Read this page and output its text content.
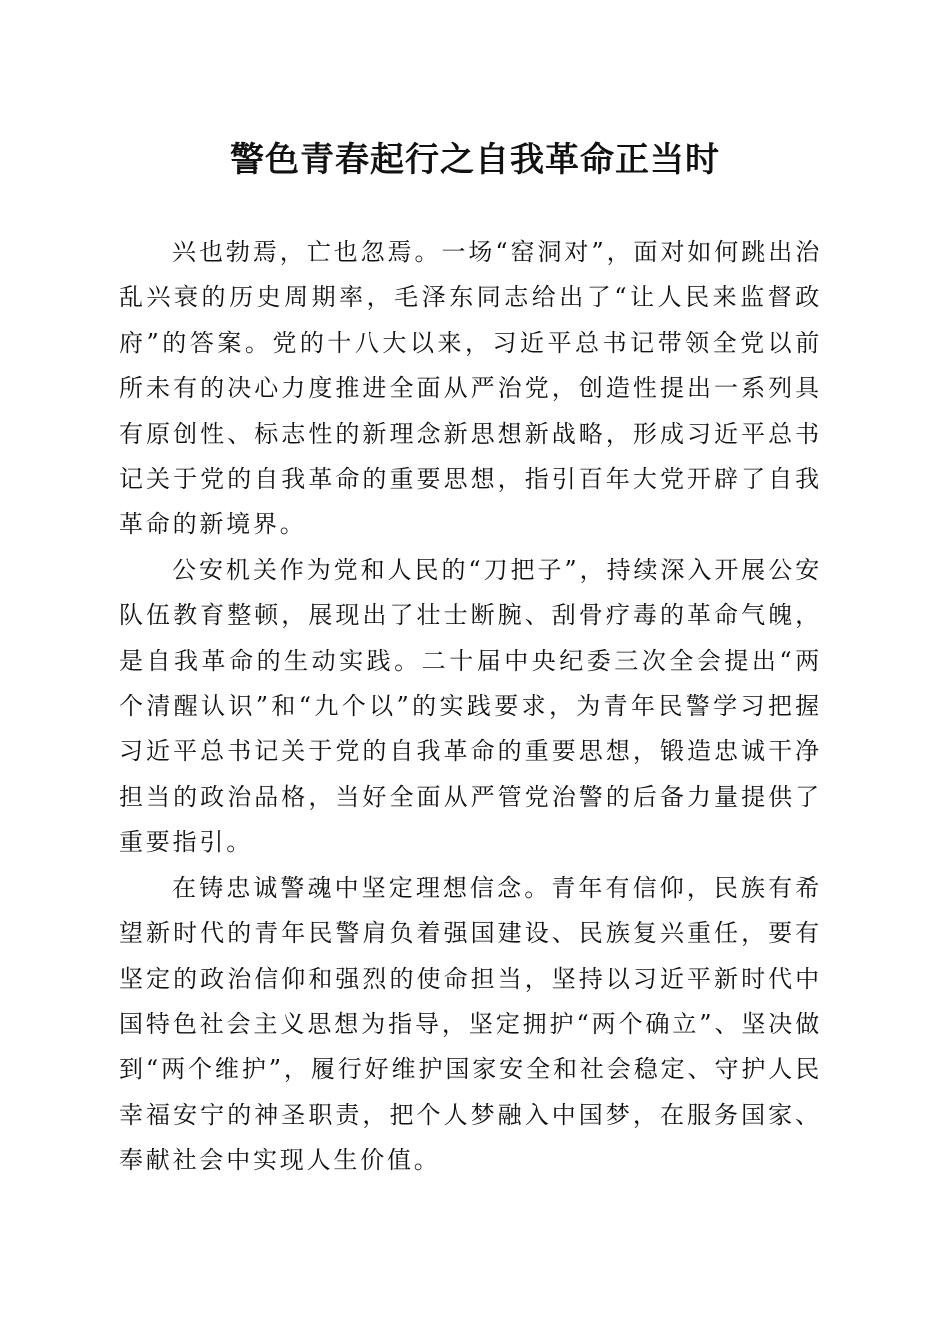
警色青春起行之自我革命正当时

兴也勃焉，亡也忽焉。一场“窑洞对”，面对如何跳出治乱兴衰的历史周期率，毛泽东同志给出了“让人民来监督政府”的答案。党的十八大以来，习近平总书记带领全党以前所未有的决心力度推进全面从严治党，创造性提出一系列具有原创性、标志性的新理念新思想新战略，形成习近平总书记关于党的自我革命的重要思想，指引百年大党开辟了自我革命的新境界。

公安机关作为党和人民的“刀把子”，持续深入开展公安队伍教育整顿，展现出了壮士断腕、刮骨疗毒的革命气魄，是自我革命的生动实践。二十届中央纪委三次全会提出“两个清醒认识”和“九个以”的实践要求，为青年民警学习把握习近平总书记关于党的自我革命的重要思想，锻造忠诚干净担当的政治品格，当好全面从严管党治警的后备力量提供了重要指引。

在铸忠诚警魂中坚定理想信念。青年有信仰，民族有希望新时代的青年民警肩负着强国建设、民族复兴重任，要有坚定的政治信仰和强烈的使命担当，坚持以习近平新时代中国特色社会主义思想为指导，坚定拥护“两个确立”、坚决做到“两个维护”，履行好维护国家安全和社会稳定、守护人民幸福安宁的神圣职责，把个人梦融入中国梦，在服务国家、奉献社会中实现人生价值。
